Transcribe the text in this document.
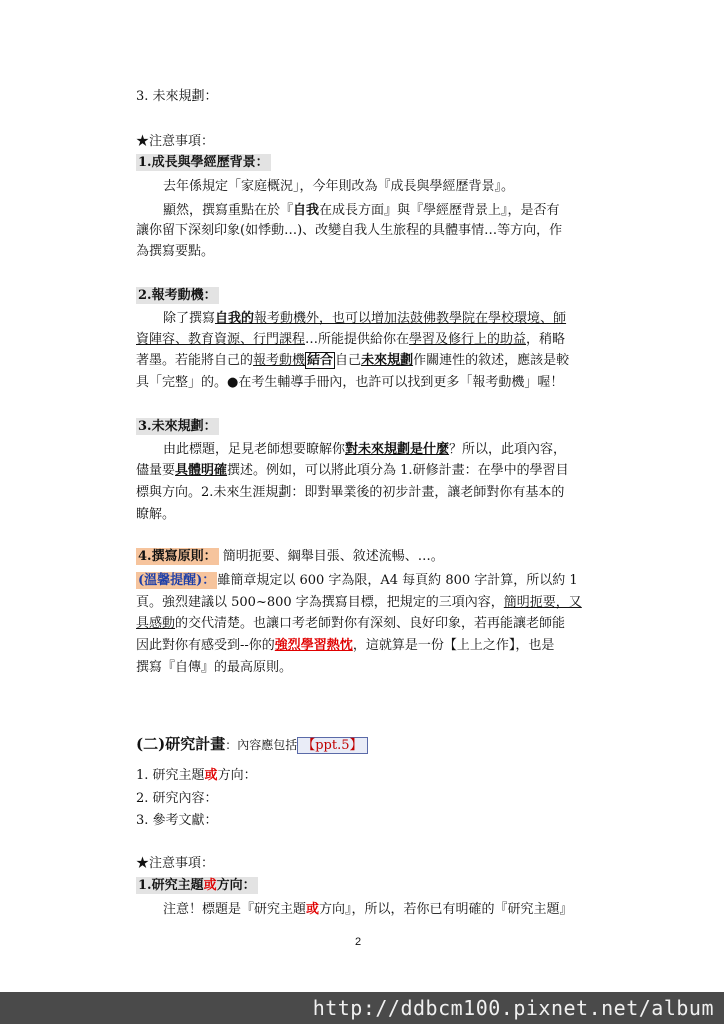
3. 未來規劃：
★注意事項：
1.成長與學經歷背景：
去年係規定「家庭概況」，今年則改為『成長與學經歷背景』。
顯然，撰寫重點在於『自我在成長方面』與『學經歷背景上』，是否有
讓你留下深刻印象(如悸動…)、改變自我人生旅程的具體事情…等方向，作
為撰寫要點。
2.報考動機：
除了撰寫自我的報考動機外，也可以增加法鼓佛教學院在學校環境、師
資陣容、教育資源、行門課程…所能提供給你在學習及修行上的助益，稍略
著墨。若能將自己的報考動機 結合 自己未來規劃作關連性的敘述，應該是較
具「完整」的。●在考生輔導手冊內，也許可以找到更多「報考動機」喔！
3.未來規劃：
由此標題，足見老師想要瞭解你對未來規劃是什麼？所以，此項內容，
儘量要具體明確撰述。例如，可以將此項分為 1.研修計畫：在學中的學習目
標與方向。2.未來生涯規劃：即對畢業後的初步計畫，讓老師對你有基本的
瞭解。
4.撰寫原則： 簡明扼要、綱舉目張、敘述流暢、…。
(溫馨提醒)： 雖簡章規定以 600 字為限，A4 每頁約 800 字計算，所以約 1
頁。強烈建議以 500~800 字為撰寫目標，把規定的三項內容，簡明扼要，又
具感動的交代清楚。也讓口考老師對你有深刻、良好印象，若再能讓老師能
因此對你有感受到--你的強烈學習熱忱，這就算是一份【上上之作】，也是
撰寫『自傳』的最高原則。
(二)研究計畫：內容應包括 【ppt.5】
1. 研究主題或方向：
2. 研究內容：
3. 參考文獻：
★注意事項：
1.研究主題或方向：
注意！標題是『研究主題或方向』，所以，若你已有明確的『研究主題』
2
http://ddbcm100.pixnet.net/album
